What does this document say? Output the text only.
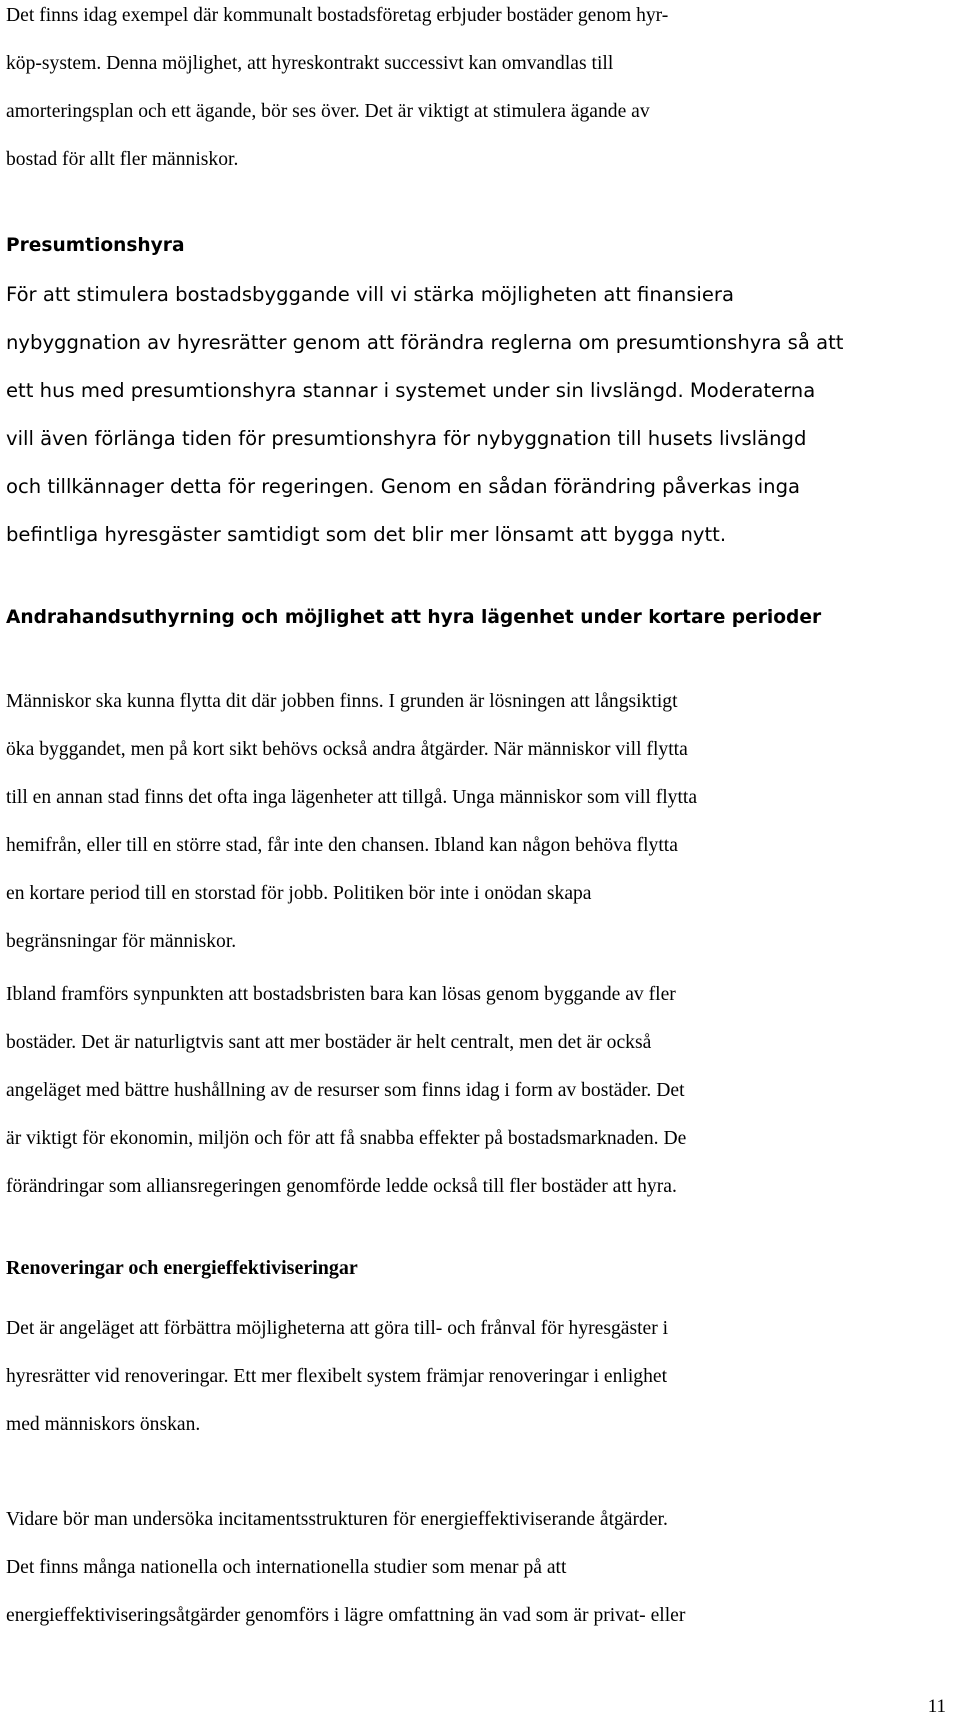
Det finns idag exempel där kommunalt bostadsföretag erbjuder bostäder genom hyr-
köp-system. Denna möjlighet, att hyreskontrakt successivt kan omvandlas till
amorteringsplan och ett ägande, bör ses över. Det är viktigt at stimulera ägande av
bostad för allt fler människor.

Presumtionshyra

För att stimulera bostadsbyggande vill vi stärka möjligheten att finansiera
nybyggnation av hyresrätter genom att förändra reglerna om presumtionshyra så att
ett hus med presumtionshyra stannar i systemet under sin livslängd. Moderaterna
vill även förlänga tiden för presumtionshyra för nybyggnation till husets livslängd
och tillkännager detta för regeringen. Genom en sådan förändring påverkas inga
befintliga hyresgäster samtidigt som det blir mer lönsamt att bygga nytt.

Andrahandsuthyrning och möjlighet att hyra lägenhet under kortare perioder

Människor ska kunna flytta dit där jobben finns. I grunden är lösningen att långsiktigt
öka byggandet, men på kort sikt behövs också andra åtgärder. När människor vill flytta
till en annan stad finns det ofta inga lägenheter att tillgå. Unga människor som vill flytta
hemifrån, eller till en större stad, får inte den chansen. Ibland kan någon behöva flytta
en kortare period till en storstad för jobb. Politiken bör inte i onödan skapa
begränsningar för människor.

Ibland framförs synpunkten att bostadsbristen bara kan lösas genom byggande av fler
bostäder. Det är naturligtvis sant att mer bostäder är helt centralt, men det är också
angeläget med bättre hushållning av de resurser som finns idag i form av bostäder. Det
är viktigt för ekonomin, miljön och för att få snabba effekter på bostadsmarknaden. De
förändringar som alliansregeringen genomförde ledde också till fler bostäder att hyra.

Renoveringar och energieffektiviseringar

Det är angeläget att förbättra möjligheterna att göra till- och frånval för hyresgäster i
hyresrätter vid renoveringar. Ett mer flexibelt system främjar renoveringar i enlighet
med människors önskan.

Vidare bör man undersöka incitamentsstrukturen för energieffektiviserande åtgärder.
Det finns många nationella och internationella studier som menar på att
energieffektiviseringsåtgärder genomförs i lägre omfattning än vad som är privat- eller

11
